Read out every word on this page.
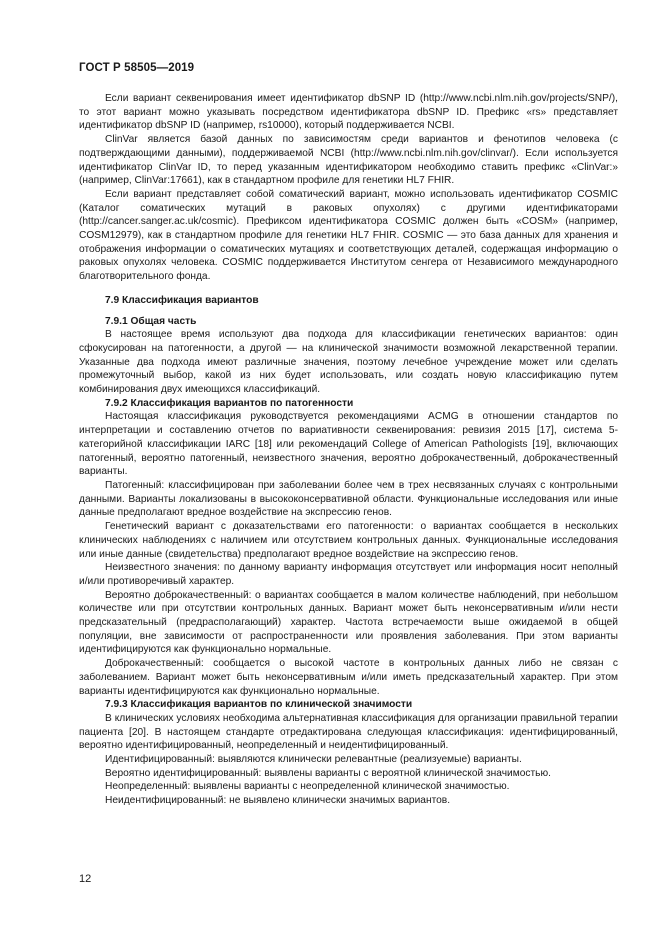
ГОСТ Р 58505—2019

Если вариант секвенирования имеет идентификатор dbSNP ID (http://www.ncbi.nlm.nih.gov/projects/SNP/), то этот вариант можно указывать посредством идентификатора dbSNP ID. Префикс «rs» представляет идентификатор dbSNP ID (например, rs10000), который поддерживается NCBI.

ClinVar является базой данных по зависимостям среди вариантов и фенотипов человека (с подтверждающими данными), поддерживаемой NCBI (http://www.ncbi.nlm.nih.gov/clinvar/). Если используется идентификатор ClinVar ID, то перед указанным идентификатором необходимо ставить префикс «ClinVar:» (например, ClinVar:17661), как в стандартном профиле для генетики HL7 FHIR.

Если вариант представляет собой соматический вариант, можно использовать идентификатор COSMIC (Каталог соматических мутаций в раковых опухолях) с другими идентификаторами (http://cancer.sanger.ac.uk/cosmic). Префиксом идентификатора COSMIC должен быть «COSM» (например, COSM12979), как в стандартном профиле для генетики HL7 FHIR. COSMIC — это база данных для хранения и отображения информации о соматических мутациях и соответствующих деталей, содержащая информацию о раковых опухолях человека. COSMIC поддерживается Институтом сенгера от Независимого международного благотворительного фонда.

7.9 Классификация вариантов

7.9.1 Общая часть

В настоящее время используют два подхода для классификации генетических вариантов: один сфокусирован на патогенности, а другой — на клинической значимости возможной лекарственной терапии. Указанные два подхода имеют различные значения, поэтому лечебное учреждение может или сделать промежуточный выбор, какой из них будет использовать, или создать новую классификацию путем комбинирования двух имеющихся классификаций.

7.9.2 Классификация вариантов по патогенности

Настоящая классификация руководствуется рекомендациями ACMG в отношении стандартов по интерпретации и составлению отчетов по вариативности секвенирования: ревизия 2015 [17], система 5-категорийной классификации IARC [18] или рекомендаций College of American Pathologists [19], включающих патогенный, вероятно патогенный, неизвестного значения, вероятно доброкачественный, доброкачественный варианты.

Патогенный: классифицирован при заболевании более чем в трех несвязанных случаях с контрольными данными. Варианты локализованы в высококонсервативной области. Функциональные исследования или иные данные предполагают вредное воздействие на экспрессию генов.

Генетический вариант с доказательствами его патогенности: о вариантах сообщается в нескольких клинических наблюдениях с наличием или отсутствием контрольных данных. Функциональные исследования или иные данные (свидетельства) предполагают вредное воздействие на экспрессию генов.

Неизвестного значения: по данному варианту информация отсутствует или информация носит неполный и/или противоречивый характер.

Вероятно доброкачественный: о вариантах сообщается в малом количестве наблюдений, при небольшом количестве или при отсутствии контрольных данных. Вариант может быть неконсервативным и/или нести предсказательный (предрасполагающий) характер. Частота встречаемости выше ожидаемой в общей популяции, вне зависимости от распространенности или проявления заболевания. При этом варианты идентифицируются как функционально нормальные.

Доброкачественный: сообщается о высокой частоте в контрольных данных либо не связан с заболеванием. Вариант может быть неконсервативным и/или иметь предсказательный характер. При этом варианты идентифицируются как функционально нормальные.

7.9.3 Классификация вариантов по клинической значимости

В клинических условиях необходима альтернативная классификация для организации правильной терапии пациента [20]. В настоящем стандарте отредактирована следующая классификация: идентифицированный, вероятно идентифицированный, неопределенный и неидентифицированный.

Идентифицированный: выявляются клинически релевантные (реализуемые) варианты.

Вероятно идентифицированный: выявлены варианты с вероятной клинической значимостью.

Неопределенный: выявлены варианты с неопределенной клинической значимостью.

Неидентифицированный: не выявлено клинически значимых вариантов.

12
